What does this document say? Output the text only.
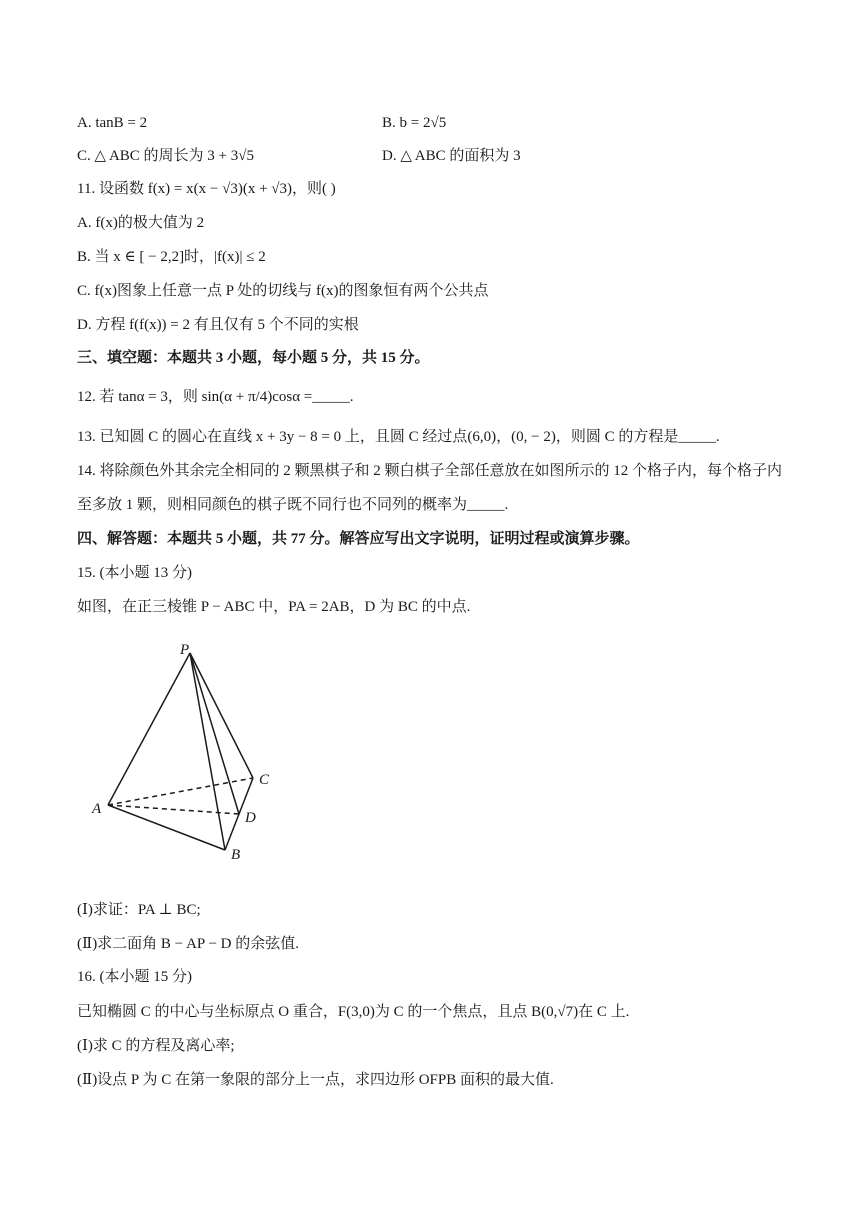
A. tanB = 2	B. b = 2√5
C. △ ABC 的周长为 3 + 3√5	D. △ ABC 的面积为 3
11. 设函数 f(x) = x(x − √3)(x + √3)，则( )
A. f(x)的极大值为 2
B. 当 x ∈ [ − 2,2]时，|f(x)| ≤ 2
C. f(x)图象上任意一点 P 处的切线与 f(x)的图象恒有两个公共点
D. 方程 f(f(x)) = 2 有且仅有 5 个不同的实根
三、填空题：本题共 3 小题，每小题 5 分，共 15 分。
12. 若 tanα = 3，则 sin(α + π/4)cosα =_____.
13. 已知圆 C 的圆心在直线 x + 3y − 8 = 0 上，且圆 C 经过点(6,0)，(0, − 2)，则圆 C 的方程是_____.
14. 将除颜色外其余完全相同的 2 颗黑棋子和 2 颗白棋子全部任意放在如图所示的 12 个格子内，每个格子内
至多放 1 颗，则相同颜色的棋子既不同行也不同列的概率为_____.
四、解答题：本题共 5 小题，共 77 分。解答应写出文字说明，证明过程或演算步骤。
15. (本小题 13 分)
如图，在正三棱锥 P − ABC 中，PA = 2AB，D 为 BC 的中点.
P
A
B
C
D
(Ⅰ)求证：PA ⊥ BC;
(Ⅱ)求二面角 B − AP − D 的余弦值.
16. (本小题 15 分)
已知椭圆 C 的中心与坐标原点 O 重合，F(3,0)为 C 的一个焦点，且点 B(0,√7)在 C 上.
(Ⅰ)求 C 的方程及离心率;
(Ⅱ)设点 P 为 C 在第一象限的部分上一点，求四边形 OFPB 面积的最大值.
